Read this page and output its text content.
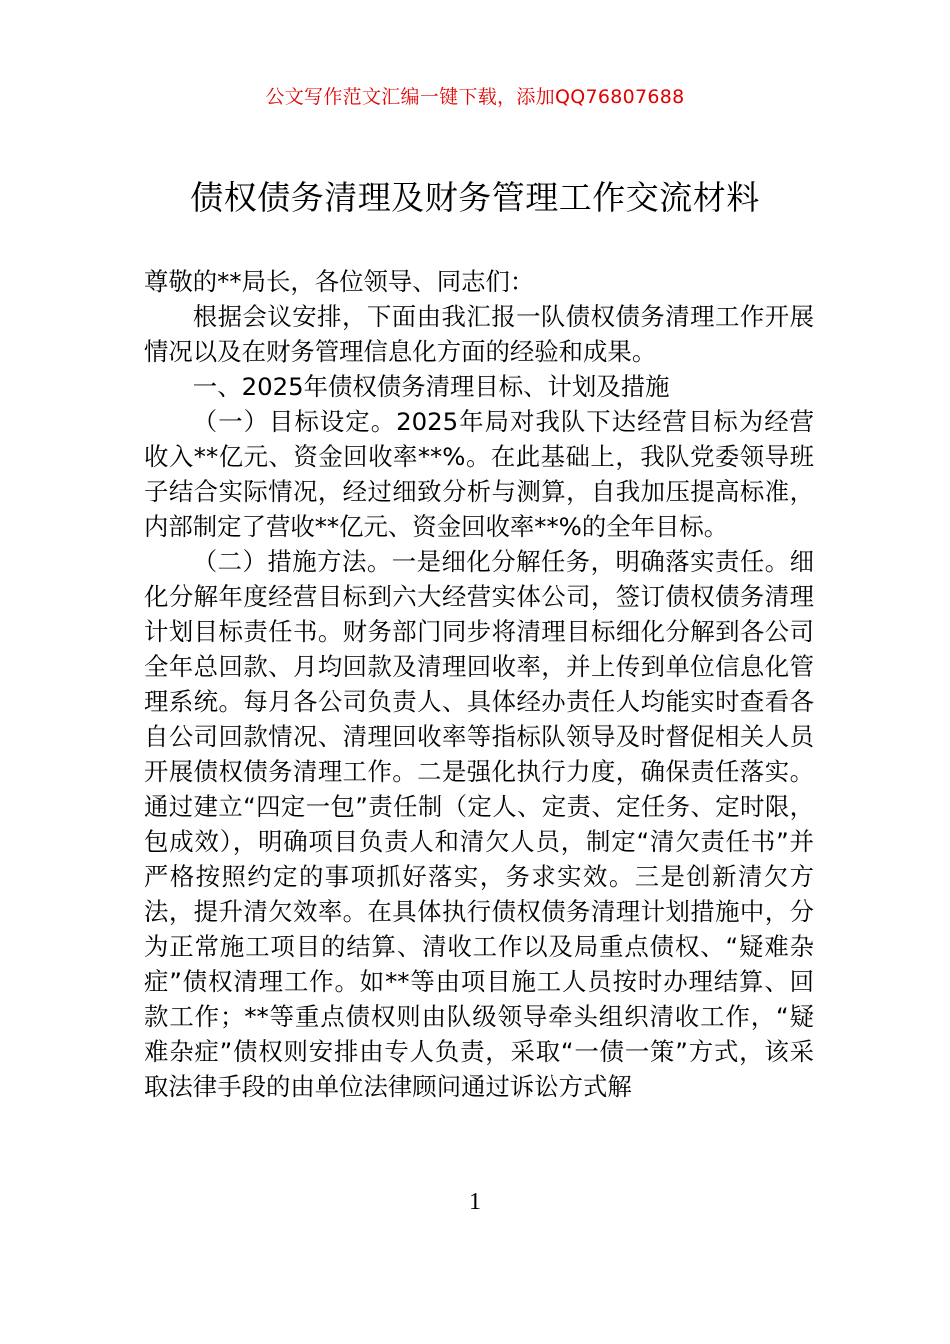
公文写作范文汇编一键下载，添加QQ76807688
债权债务清理及财务管理工作交流材料

尊敬的**局长，各位领导、同志们：

根据会议安排，下面由我汇报一队债权债务清理工作开展情况以及在财务管理信息化方面的经验和成果。

一、2025年债权债务清理目标、计划及措施

（一）目标设定。2025年局对我队下达经营目标为经营收入**亿元、资金回收率**%。在此基础上，我队党委领导班子结合实际情况，经过细致分析与测算，自我加压提高标准，内部制定了营收**亿元、资金回收率**%的全年目标。

（二）措施方法。一是细化分解任务，明确落实责任。细化分解年度经营目标到六大经营实体公司，签订债权债务清理计划目标责任书。财务部门同步将清理目标细化分解到各公司全年总回款、月均回款及清理回收率，并上传到单位信息化管理系统。每月各公司负责人、具体经办责任人均能实时查看各自公司回款情况、清理回收率等指标队领导及时督促相关人员开展债权债务清理工作。二是强化执行力度，确保责任落实。通过建立“四定一包”责任制（定人、定责、定任务、定时限，包成效），明确项目负责人和清欠人员，制定“清欠责任书”并严格按照约定的事项抓好落实，务求实效。三是创新清欠方法，提升清欠效率。在具体执行债权债务清理计划措施中，分为正常施工项目的结算、清收工作以及局重点债权、“疑难杂症”债权清理工作。如**等由项目施工人员按时办理结算、回款工作；**等重点债权则由队级领导牵头组织清收工作，“疑难杂症”债权则安排由专人负责，采取“一债一策”方式，该采取法律手段的由单位法律顾问通过诉讼方式解

1
